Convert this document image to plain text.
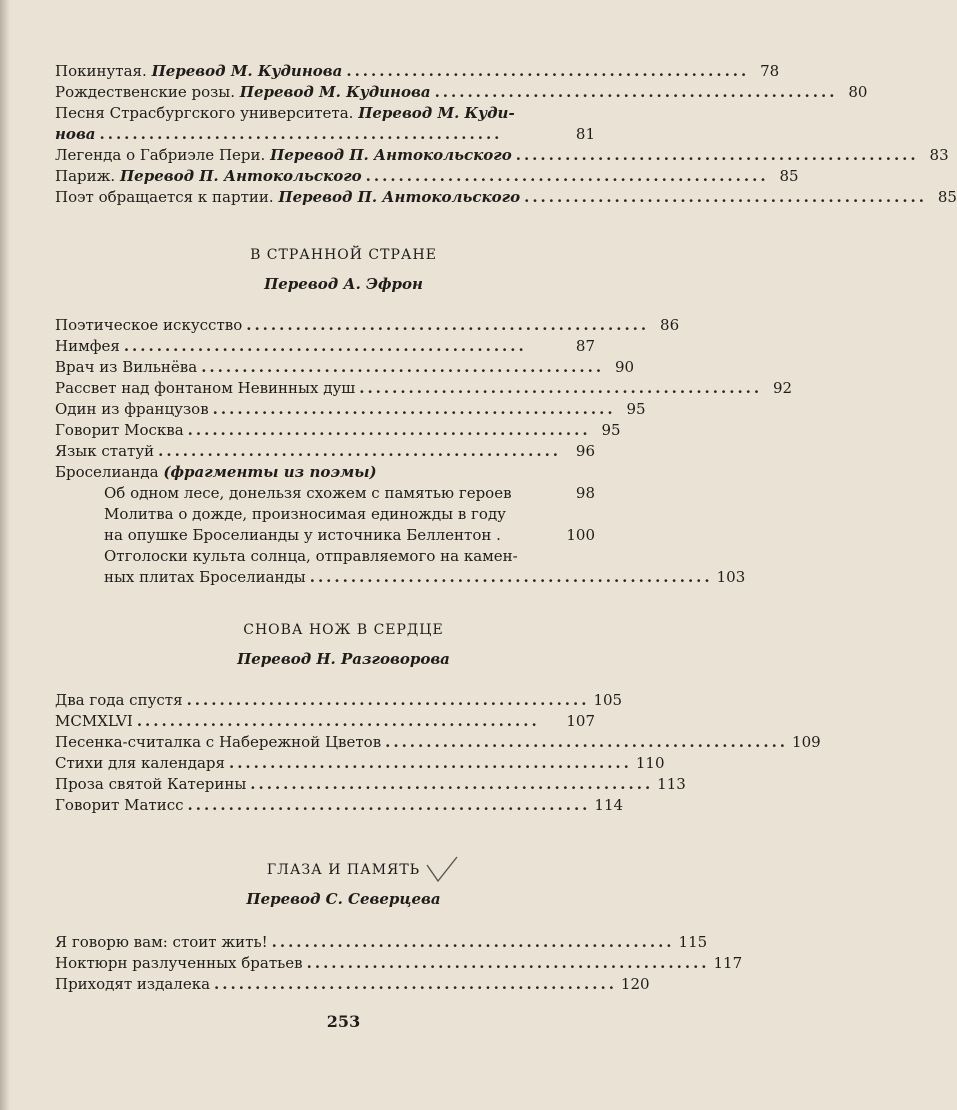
Покинутая. Перевод М. Кудинова ................................................. 78
Рождественские розы. Перевод М. Кудинова ................................................. 80
Песня Страсбургского университета. Перевод М. Куди-
нова .................................................	81
Легенда о Габриэле Пери. Перевод П. Антокольского ................................................. 83
Париж. Перевод П. Антокольского ................................................. 85
Поэт обращается к партии. Перевод П. Антокольского ................................................. 85
В СТРАННОЙ СТРАНЕ
Перевод А. Эфрон
Поэтическое искусство ................................................. 86
Нимфея .................................................	87
Врач из Вильнёва ................................................. 90
Рассвет над фонтаном Невинных душ ................................................. 92
Один из французов ................................................. 95
Говорит Москва ................................................. 95
Язык статуй ................................................. 96
Броселианда (фрагменты из поэмы)
Об одном лесе, донельзя схожем с памятью героев	98
Молитва о дожде, произносимая единожды в году
на опушке Броселианды у источника Беллентон .	100
Отголоски культа солнца, отправляемого на камен-
ных плитах Броселианды ................................................. 103
СНОВА НОЖ В СЕРДЦЕ
Перевод Н. Разговорова
Два года спустя ................................................. 105
MCMXLVI .................................................	107
Песенка-считалка с Набережной Цветов ................................................. 109
Стихи для календаря ................................................. 110
Проза святой Катерины ................................................. 113
Говорит Матисс ................................................. 114
ГЛАЗА И ПАМЯТЬ
Перевод С. Северцева
Я говорю вам: стоит жить! ................................................. 115
Ноктюрн разлученных братьев ................................................. 117
Приходят издалека ................................................. 120
253
